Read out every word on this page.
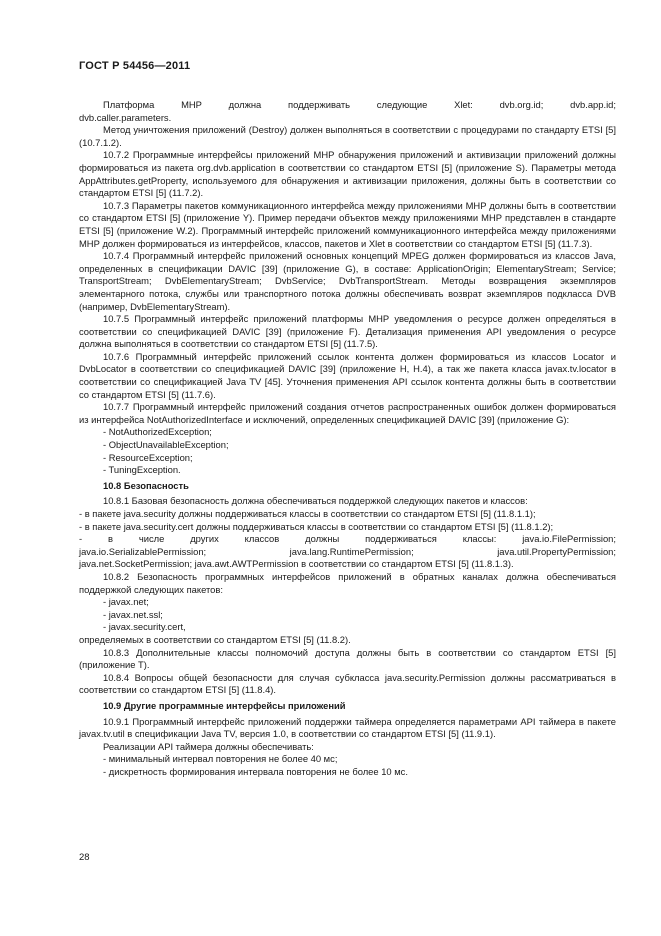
ГОСТ Р 54456—2011

Платформа МНР должна поддерживать следующие Xlet: dvb.org.id; dvb.app.id;

dvb.caller.parameters.

Метод уничтожения приложений (Destroy) должен выполняться в соответствии с процедурами по стандарту ETSI [5] (10.7.1.2).

10.7.2 Программные интерфейсы приложений МНР обнаружения приложений и активизации приложений должны формироваться из пакета org.dvb.application в соответствии со стандартом ETSI [5] (приложение S). Параметры метода AppAttributes.getProperty, используемого для обнаружения и активизации приложения, должны быть в соответствии со стандартом ETSI [5] (11.7.2).

10.7.3 Параметры пакетов коммуникационного интерфейса между приложениями МНР должны быть в соответствии со стандартом ETSI [5] (приложение Y). Пример передачи объектов между приложениями МНР представлен в стандарте ETSI [5] (приложение W.2). Программный интерфейс приложений коммуникационного интерфейса между приложениями МНР должен формироваться из интерфейсов, классов, пакетов и Xlet в соответствии со стандартом ETSI [5] (11.7.3).

10.7.4 Программный интерфейс приложений основных концепций MPEG должен формироваться из классов Java, определенных в спецификации DAVIC [39] (приложение G), в составе: ApplicationOrigin; ElementaryStream; Service; TransportStream; DvbElementaryStream; DvbService; DvbTransportStream. Методы возвращения экземпляров элементарного потока, службы или транспортного потока должны обеспечивать возврат экземпляров подкласса DVB (например, DvbElementaryStream).

10.7.5 Программный интерфейс приложений платформы МНР уведомления о ресурсе должен определяться в соответствии со спецификацией DAVIC [39] (приложение F). Детализация применения API уведомления о ресурсе должна выполняться в соответствии со стандартом ETSI [5] (11.7.5).

10.7.6 Программный интерфейс приложений ссылок контента должен формироваться из классов Locator и DvbLocator в соответствии со спецификацией DAVIC [39] (приложение H, H.4), а так же пакета класса javax.tv.locator в соответствии со спецификацией Java TV [45]. Уточнения применения API ссылок контента должны быть в соответствии со стандартом ETSI [5] (11.7.6).

10.7.7 Программный интерфейс приложений создания отчетов распространенных ошибок должен формироваться из интерфейса NotAuthorizedInterface и исключений, определенных спецификацией DAVIC [39] (приложение G):

- NotAuthorizedException;

- ObjectUnavailableException;

- ResourceException;

- TuningException.

10.8 Безопасность

10.8.1 Базовая безопасность должна обеспечиваться поддержкой следующих пакетов и классов:

- в пакете java.security должны поддерживаться классы в соответствии со стандартом ETSI [5] (11.8.1.1);

- в пакете java.security.cert должны поддерживаться классы в соответствии со стандартом ETSI [5] (11.8.1.2);

- в числе других классов должны поддерживаться классы: java.io.FilePermission;

java.io.SerializablePermission; java.lang.RuntimePermission; java.util.PropertyPermission;

java.net.SocketPermission; java.awt.AWTPermission в соответствии со стандартом ETSI [5] (11.8.1.3).

10.8.2 Безопасность программных интерфейсов приложений в обратных каналах должна обеспечиваться поддержкой следующих пакетов:

- javax.net;

- javax.net.ssl;

- javax.security.cert,

определяемых в соответствии со стандартом ETSI [5] (11.8.2).

10.8.3 Дополнительные классы полномочий доступа должны быть в соответствии со стандартом ETSI [5] (приложение T).

10.8.4 Вопросы общей безопасности для случая субкласса java.security.Permission должны рассматриваться в соответствии со стандартом ETSI [5] (11.8.4).

10.9 Другие программные интерфейсы приложений

10.9.1 Программный интерфейс приложений поддержки таймера определяется параметрами API таймера в пакете javax.tv.util в спецификации Java TV, версия 1.0, в соответствии со стандартом ETSI [5] (11.9.1).

Реализации API таймера должны обеспечивать:

- минимальный интервал повторения не более 40 мс;

- дискретность формирования интервала повторения не более 10 мс.

28
